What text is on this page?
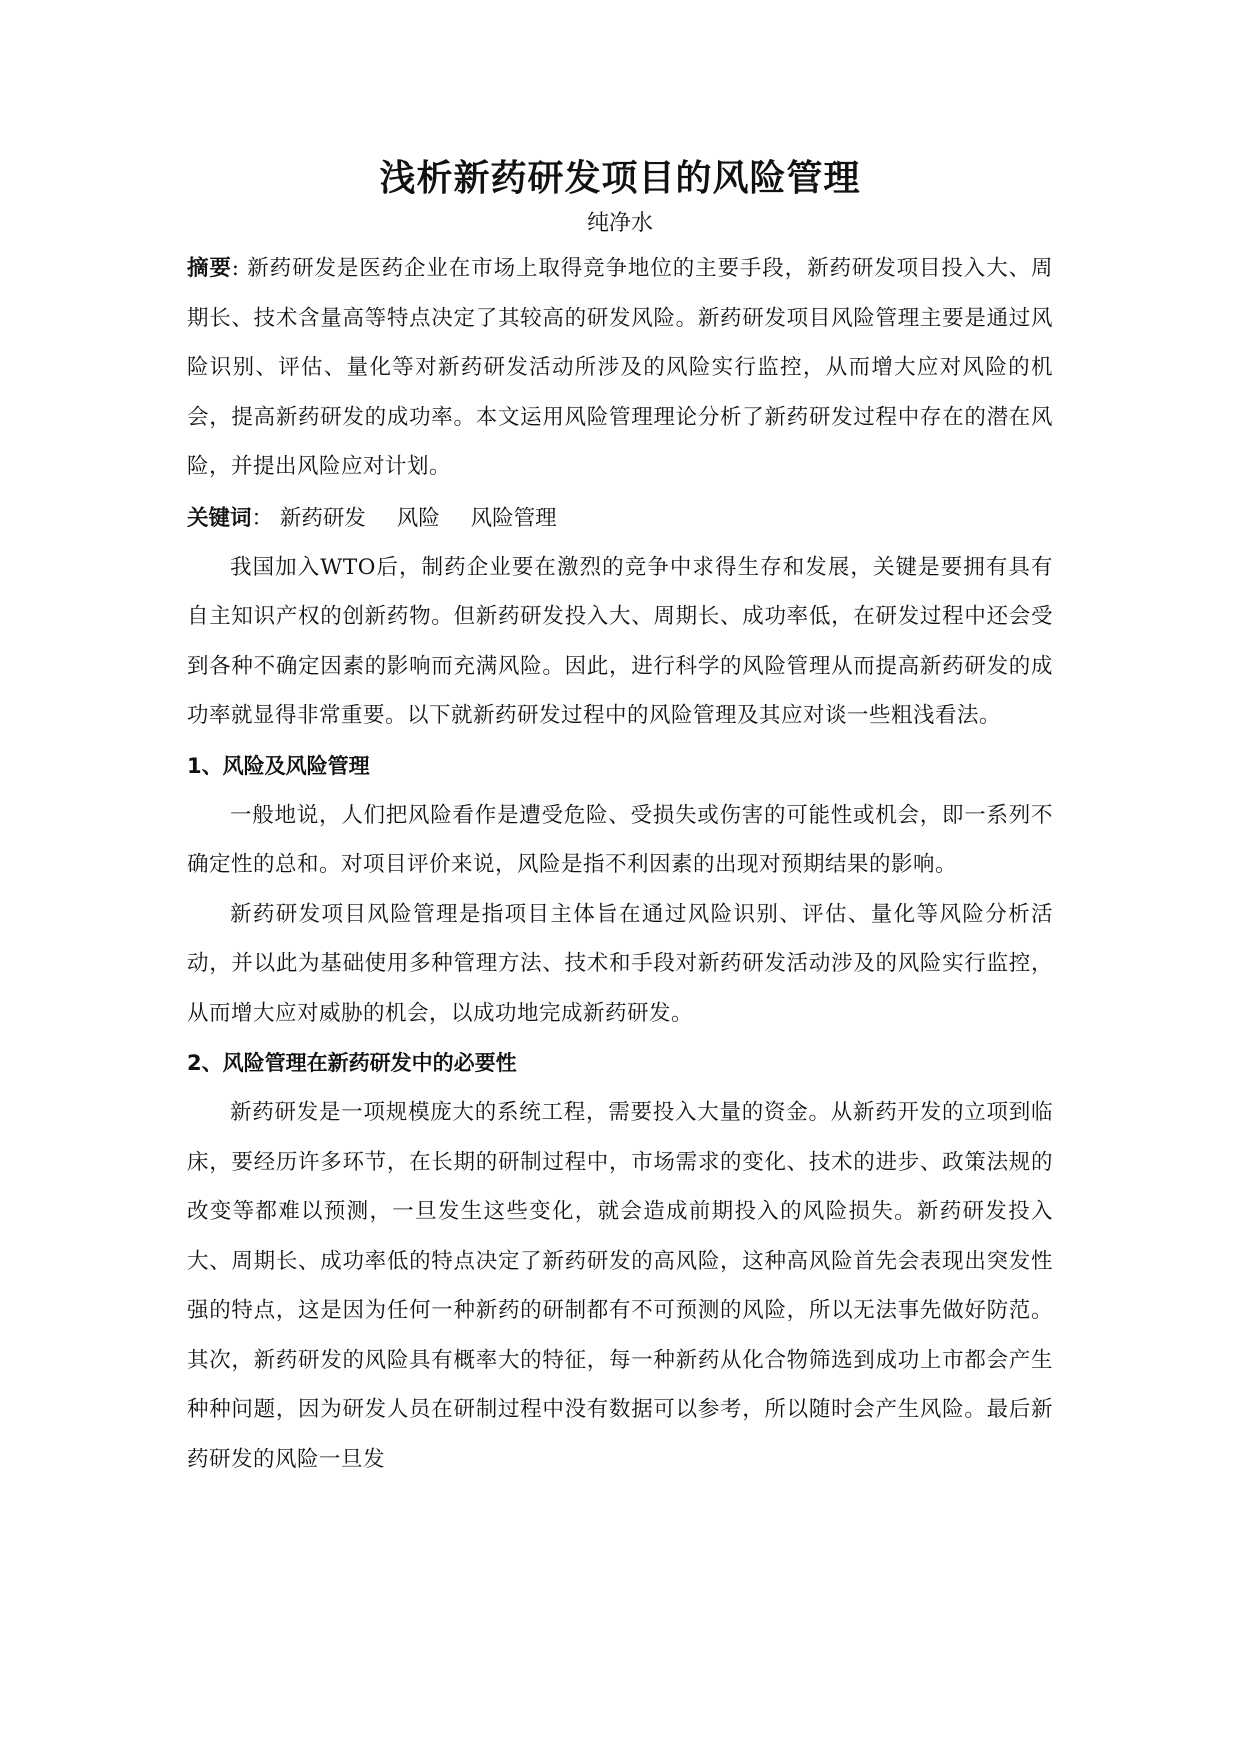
浅析新药研发项目的风险管理

纯净水

摘要: 新药研发是医药企业在市场上取得竞争地位的主要手段，新药研发项目投入大、周期长、技术含量高等特点决定了其较高的研发风险。新药研发项目风险管理主要是通过风险识别、评估、量化等对新药研发活动所涉及的风险实行监控，从而增大应对风险的机会，提高新药研发的成功率。本文运用风险管理理论分析了新药研发过程中存在的潜在风险，并提出风险应对计划。

关键词： 新药研发 风险 风险管理

我国加入WTO后，制药企业要在激烈的竞争中求得生存和发展，关键是要拥有具有自主知识产权的创新药物。但新药研发投入大、周期长、成功率低，在研发过程中还会受到各种不确定因素的影响而充满风险。因此，进行科学的风险管理从而提高新药研发的成功率就显得非常重要。以下就新药研发过程中的风险管理及其应对谈一些粗浅看法。

1、风险及风险管理

一般地说，人们把风险看作是遭受危险、受损失或伤害的可能性或机会，即一系列不确定性的总和。对项目评价来说，风险是指不利因素的出现对预期结果的影响。

新药研发项目风险管理是指项目主体旨在通过风险识别、评估、量化等风险分析活动，并以此为基础使用多种管理方法、技术和手段对新药研发活动涉及的风险实行监控，从而增大应对威胁的机会，以成功地完成新药研发。

2、风险管理在新药研发中的必要性

新药研发是一项规模庞大的系统工程，需要投入大量的资金。从新药开发的立项到临床，要经历许多环节，在长期的研制过程中，市场需求的变化、技术的进步、政策法规的改变等都难以预测，一旦发生这些变化，就会造成前期投入的风险损失。新药研发投入大、周期长、成功率低的特点决定了新药研发的高风险，这种高风险首先会表现出突发性强的特点，这是因为任何一种新药的研制都有不可预测的风险，所以无法事先做好防范。其次，新药研发的风险具有概率大的特征，每一种新药从化合物筛选到成功上市都会产生种种问题，因为研发人员在研制过程中没有数据可以参考，所以随时会产生风险。最后新药研发的风险一旦发
